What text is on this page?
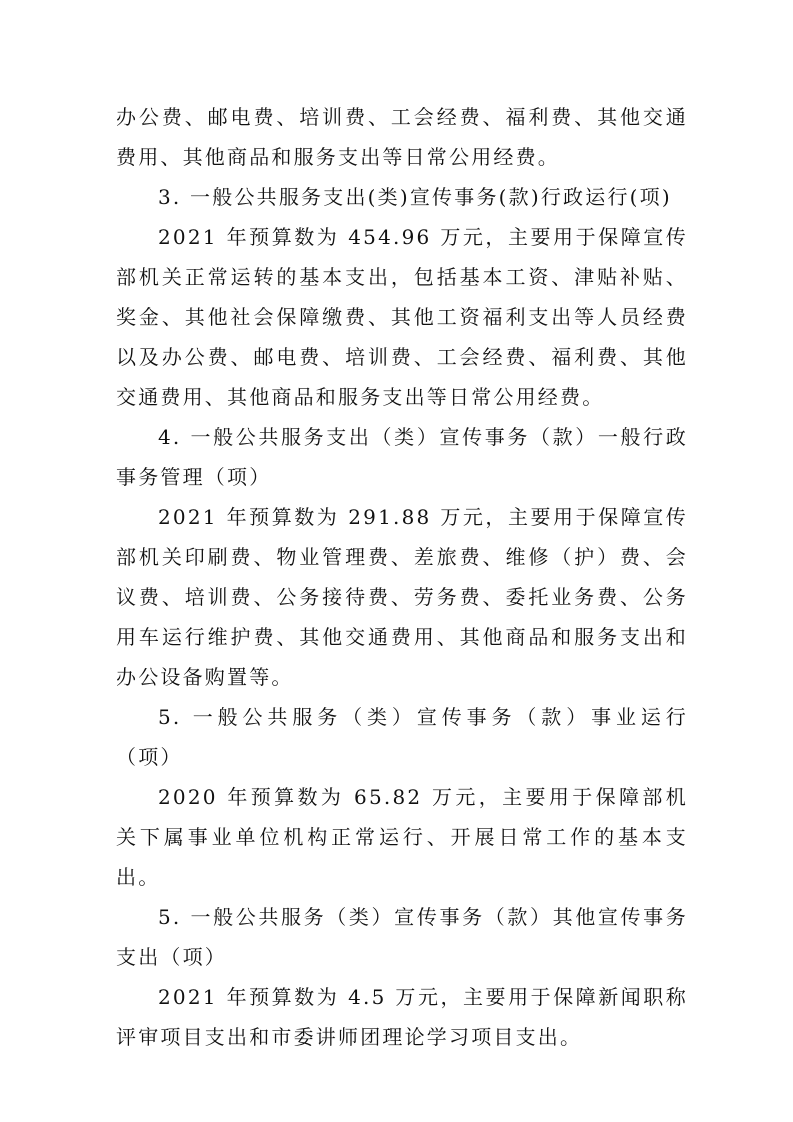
办公费、邮电费、培训费、工会经费、福利费、其他交通费用、其他商品和服务支出等日常公用经费。

3. 一般公共服务支出(类)宣传事务(款)行政运行(项)

2021 年预算数为 454.96 万元，主要用于保障宣传部机关正常运转的基本支出，包括基本工资、津贴补贴、奖金、其他社会保障缴费、其他工资福利支出等人员经费以及办公费、邮电费、培训费、工会经费、福利费、其他交通费用、其他商品和服务支出等日常公用经费。

4. 一般公共服务支出（类）宣传事务（款）一般行政事务管理（项）

2021 年预算数为 291.88 万元，主要用于保障宣传部机关印刷费、物业管理费、差旅费、维修（护）费、会议费、培训费、公务接待费、劳务费、委托业务费、公务用车运行维护费、其他交通费用、其他商品和服务支出和办公设备购置等。

5. 一般公共服务（类）宣传事务（款）事业运行（项）

2020 年预算数为 65.82 万元，主要用于保障部机关下属事业单位机构正常运行、开展日常工作的基本支出。

5. 一般公共服务（类）宣传事务（款）其他宣传事务支出（项）

2021 年预算数为 4.5 万元，主要用于保障新闻职称评审项目支出和市委讲师团理论学习项目支出。
